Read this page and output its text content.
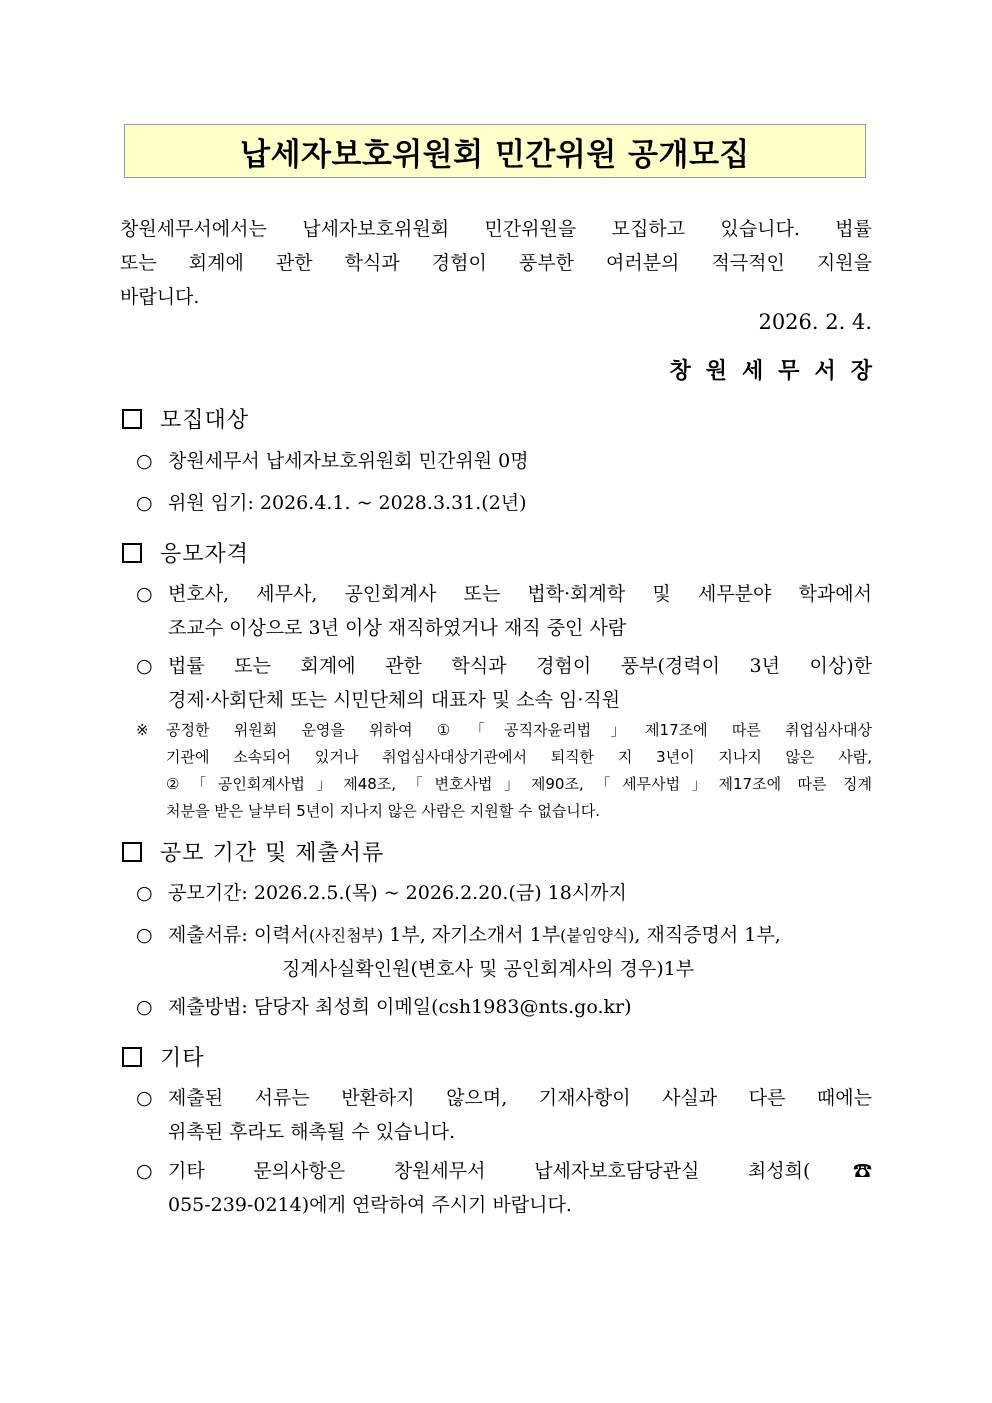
납세자보호위원회 민간위원 공개모집
창원세무서에서는 납세자보호위원회 민간위원을 모집하고 있습니다. 법률
또는 회계에 관한 학식과 경험이 풍부한 여러분의 적극적인 지원을
바랍니다.
2026. 2. 4.
창원세무서장
모집대상
○ 창원세무서 납세자보호위원회 민간위원 0명
○ 위원 임기: 2026.4.1. ~ 2028.3.31.(2년)
응모자격
○ 변호사, 세무사, 공인회계사 또는 법학·회계학 및 세무분야 학과에서
조교수 이상으로 3년 이상 재직하였거나 재직 중인 사람
○ 법률 또는 회계에 관한 학식과 경험이 풍부(경력이 3년 이상)한
경제·사회단체 또는 시민단체의 대표자 및 소속 임·직원
※ 공정한 위원회 운영을 위하여 ①「공직자윤리법」제17조에 따른 취업심사대상
기관에 소속되어 있거나 취업심사대상기관에서 퇴직한 지 3년이 지나지 않은 사람,
②「공인회계사법」제48조,「변호사법」제90조,「세무사법」제17조에 따른 징계
처분을 받은 날부터 5년이 지나지 않은 사람은 지원할 수 없습니다.
공모 기간 및 제출서류
○ 공모기간: 2026.2.5.(목) ~ 2026.2.20.(금) 18시까지
○ 제출서류: 이력서(사진첨부) 1부, 자기소개서 1부(붙임양식), 재직증명서 1부,
징계사실확인원(변호사 및 공인회계사의 경우)1부
○ 제출방법: 담당자 최성희 이메일(csh1983@nts.go.kr)
기타
○ 제출된 서류는 반환하지 않으며, 기재사항이 사실과 다른 때에는
위촉된 후라도 해촉될 수 있습니다.
○ 기타 문의사항은 창원세무서 납세자보호담당관실 최성희(☎
055-239-0214)에게 연락하여 주시기 바랍니다.
